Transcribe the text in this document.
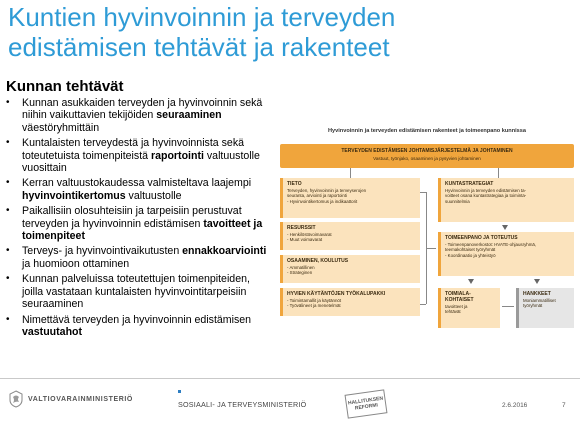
Kuntien hyvinvoinnin ja terveyden
edistämisen tehtävät ja rakenteet
Kunnan tehtävät
• Kunnan asukkaiden terveyden ja hyvinvoinnin sekä niihin vaikuttavien tekijöiden seuraaminen väestöryhmittäin
• Kuntalaisten terveydestä ja hyvinvoinnista sekä toteutetuista toimenpiteistä raportointi valtuustolle vuosittain
• Kerran valtuustokaudessa valmisteltava laajempi hyvinvointikertomus valtuustolle
• Paikallisiin olosuhteisiin ja tarpeisiin perustuvat terveyden ja hyvinvoinnin edistämisen tavoitteet ja toimenpiteet
• Terveys- ja hyvinvointivaikutusten ennakkoarviointi ja huomioon ottaminen
• Kunnan palveluissa toteutettujen toimenpiteiden, joilla vastataan kuntalaisten hyvinvointitarpeisiin seuraaminen
• Nimettävä terveyden ja hyvinvoinnin edistämisen vastuutahot
Hyvinvoinnin ja terveyden edistämisen rakenteet ja toimeenpano kunnissa
TERVEYDEN EDISTÄMISEN JOHTAMISJÄRJESTELMÄ JA JOHTAMINEN
Vastuut, työnjako, osaaminen ja pysyvien johtaminen
TIETO
Terveyden, hyvinvoinnin ja terveyserojen
seuranta, arviointi ja raportointi
- Hyvinvointikertomus ja indikaattorit
RESURSSIT
- Henkilöstövoimavarat
- Muut voimavarat
OSAAMINEN, KOULUTUS
- Ammatillinen
- Strateginen
HYVIEN KÄYTÄNTÖJEN TYÖKALUPAKKI
- Toimintamallit ja käytännöt
- Työvälineet ja menetelmät
KUNTASTRATEGIAT
Hyvinvoinnin ja terveyden edistämisen ta-
voitteet osana kuntastrategiaa ja toiminta-
suunnitelmia
TOIMEENPANO JA TOTEUTUS
- Toimeenpanoverkostot: HVATE-ohjausryhmä,
teemakohtaiset työryhmät
- Koordinaatio ja yhteistyö
TOIMIALA-
KOHTAISET
tavoitteet ja
tehtävät
HANKKEET
Moniammatilliset
työryhmät
VALTIOVARAINMINISTERIÖ
SOSIAALI- JA TERVEYSMINISTERIÖ	HALLITUKSEN
REFORMI	2.6.2016	7
